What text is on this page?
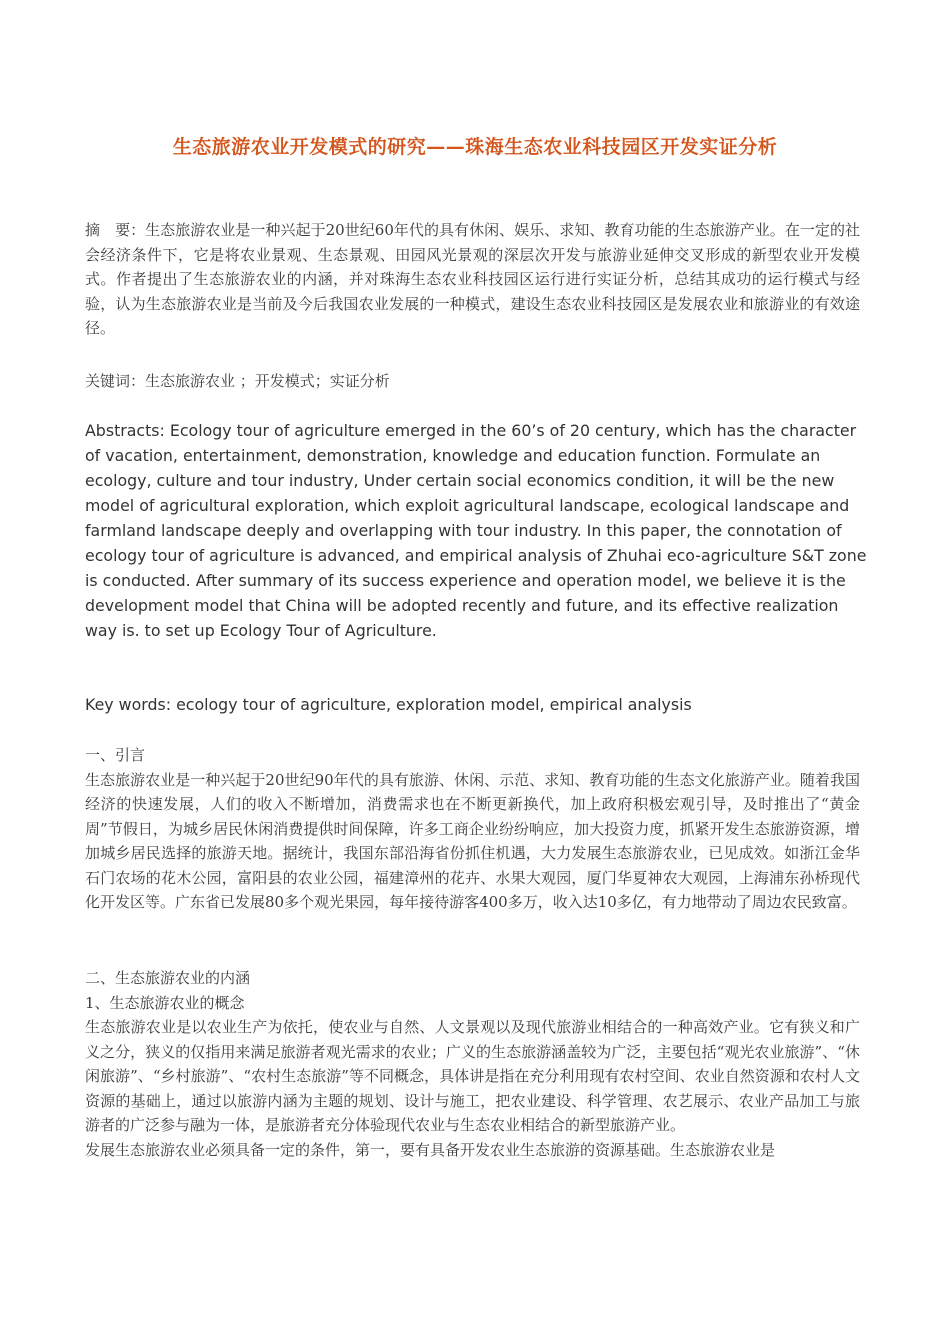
生态旅游农业开发模式的研究——珠海生态农业科技园区开发实证分析

摘　要：生态旅游农业是一种兴起于20世纪60年代的具有休闲、娱乐、求知、教育功能的生态旅游产业。在一定的社会经济条件下，它是将农业景观、生态景观、田园风光景观的深层次开发与旅游业延伸交叉形成的新型农业开发模式。作者提出了生态旅游农业的内涵，并对珠海生态农业科技园区运行进行实证分析，总结其成功的运行模式与经验，认为生态旅游农业是当前及今后我国农业发展的一种模式，建设生态农业科技园区是发展农业和旅游业的有效途径。

关键词：生态旅游农业 ；开发模式；实证分析

Abstracts: Ecology tour of agriculture emerged in the 60’s of 20 century, which has the character of vacation, entertainment, demonstration, knowledge and education function. Formulate an ecology, culture and tour industry, Under certain social economics condition, it will be the new model of agricultural exploration, which exploit agricultural landscape, ecological landscape and farmland landscape deeply and overlapping with tour industry. In this paper, the connotation of ecology tour of agriculture is advanced, and empirical analysis of Zhuhai eco-agriculture S&T zone is conducted. After summary of its success experience and operation model, we believe it is the development model that China will be adopted recently and future, and its effective realization way is. to set up Ecology Tour of Agriculture.

Key words: ecology tour of agriculture, exploration model, empirical analysis

一、引言
生态旅游农业是一种兴起于20世纪90年代的具有旅游、休闲、示范、求知、教育功能的生态文化旅游产业。随着我国经济的快速发展，人们的收入不断增加，消费需求也在不断更新换代，加上政府积极宏观引导，及时推出了“黄金周”节假日，为城乡居民休闲消费提供时间保障，许多工商企业纷纷响应，加大投资力度，抓紧开发生态旅游资源，增加城乡居民选择的旅游天地。据统计，我国东部沿海省份抓住机遇，大力发展生态旅游农业，已见成效。如浙江金华石门农场的花木公园，富阳县的农业公园，福建漳州的花卉、水果大观园，厦门华夏神农大观园，上海浦东孙桥现代化开发区等。广东省已发展80多个观光果园，每年接待游客400多万，收入达10多亿，有力地带动了周边农民致富。
二、生态旅游农业的内涵
1、生态旅游农业的概念
生态旅游农业是以农业生产为依托，使农业与自然、人文景观以及现代旅游业相结合的一种高效产业。它有狭义和广义之分，狭义的仅指用来满足旅游者观光需求的农业；广义的生态旅游涵盖较为广泛，主要包括“观光农业旅游”、“休闲旅游”、“乡村旅游”、“农村生态旅游”等不同概念，具体讲是指在充分利用现有农村空间、农业自然资源和农村人文资源的基础上，通过以旅游内涵为主题的规划、设计与施工，把农业建设、科学管理、农艺展示、农业产品加工与旅游者的广泛参与融为一体，是旅游者充分体验现代农业与生态农业相结合的新型旅游产业。
发展生态旅游农业必须具备一定的条件，第一，要有具备开发农业生态旅游的资源基础。生态旅游农业是
